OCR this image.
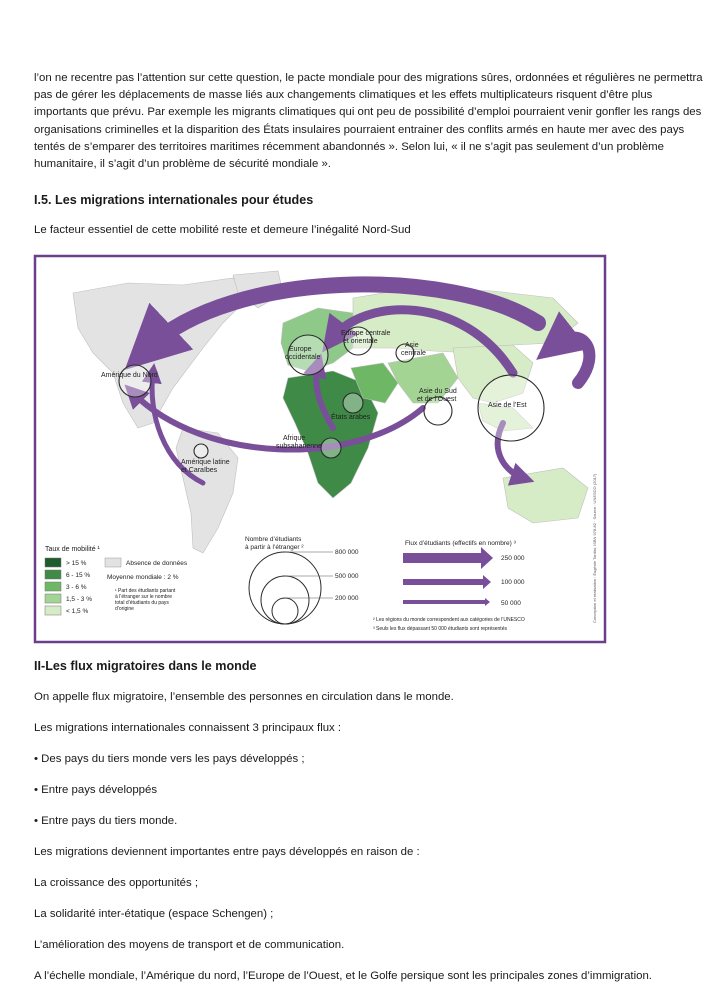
l’on ne recentre pas l’attention sur cette question, le pacte mondiale pour des migrations sûres, ordonnées et régulières ne permettra pas de gérer les déplacements de masse liés aux changements climatiques et les effets multiplicateurs risquent d’être plus importants que prévu. Par exemple les migrants climatiques qui ont peu de possibilité d’emploi pourraient venir gonfler les rangs des organisations criminelles et la disparition des États insulaires pourraient entrainer des conflits armés en haute mer avec des pays tentés de s’emparer des territoires maritimes récemment abandonnés ». Selon lui, « il ne s’agit pas seulement d’un problème humanitaire, il s’agit d’un problème de sécurité mondiale ».
I.5. Les migrations internationales pour études
Le facteur essentiel de cette mobilité reste et demeure l’inégalité Nord-Sud
Amérique du Nord
Europe
occidentale
Europe centrale
et orientale
Asie
centrale
Asie du Sud
et de l’Ouest
Asie de l’Est
États arabes
Afrique
subsaharienne
Amérique latine
et Caraïbes
Taux de mobilité ¹
> 15 %
6 - 15 %
3 - 6 %
1,5 - 3 %
< 1,5 %
Absence de données
Moyenne mondiale : 2 %
¹ Part des étudiants partant
à l’étranger sur le nombre
total d’étudiants du pays
d’origine
Nombre d’étudiants
à partir à l’étranger ²
800 000
500 000
200 000
Flux d’étudiants (effectifs en nombre) ³
250 000
100 000
50 000
² Les régions du monde correspondent aux catégories de l’UNESCO
³ Seuls les flux dépassant 50 000 étudiants sont représentés
Conception et réalisation : Éugénie Tordini, ISBN 978-82 · Source : UNESCO (2017)
II-Les flux migratoires dans le monde
On appelle flux migratoire, l’ensemble des personnes en circulation dans le monde.
Les migrations internationales connaissent 3 principaux flux :
• Des pays du tiers monde vers les pays développés ;
• Entre pays développés
• Entre pays du tiers monde.
Les migrations deviennent importantes entre pays développés en raison de :
La croissance des opportunités ;
La solidarité inter-étatique (espace Schengen) ;
L’amélioration des moyens de transport et de communication.
A l’échelle mondiale, l’Amérique du nord, l’Europe de l’Ouest, et le Golfe persique sont les principales zones d’immigration.
